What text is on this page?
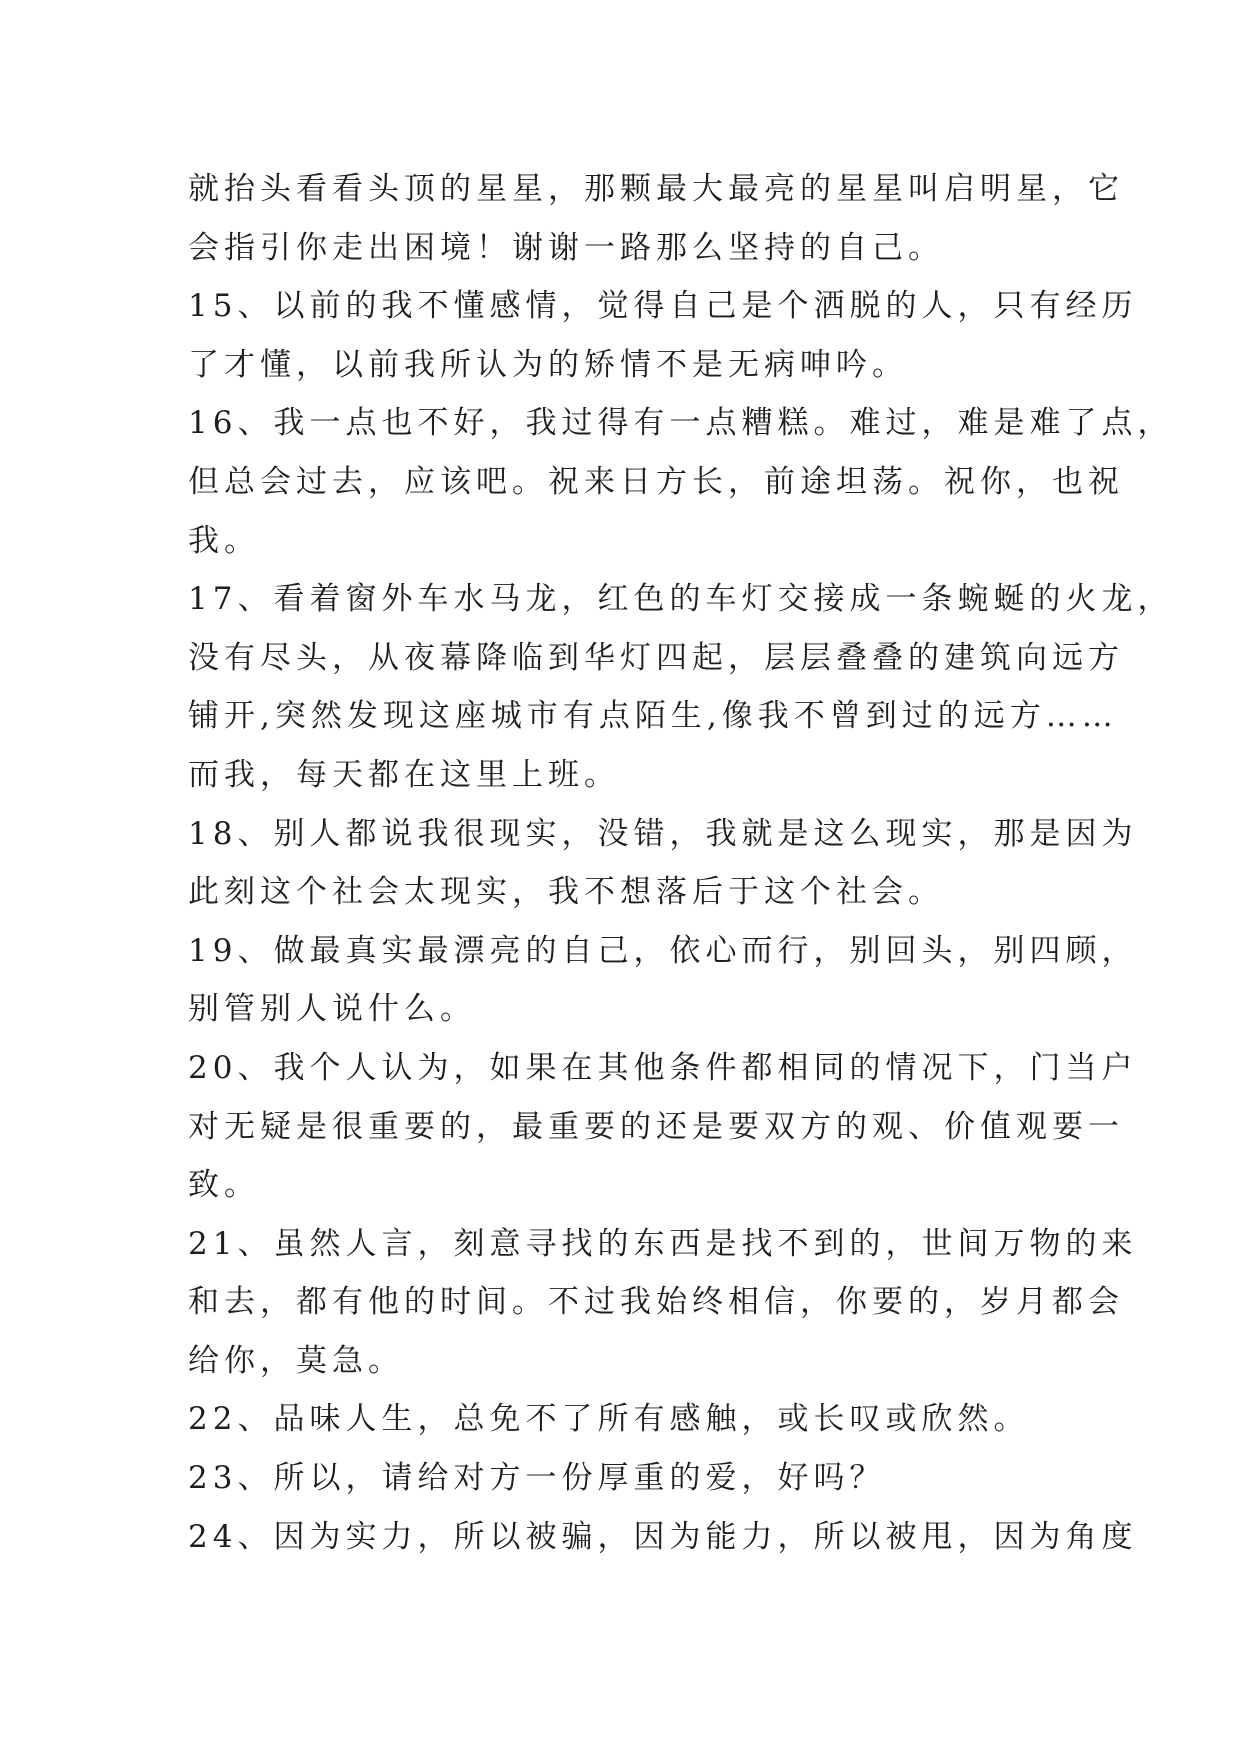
就抬头看看头顶的星星，那颗最大最亮的星星叫启明星，它
会指引你走出困境！谢谢一路那么坚持的自己。
15、以前的我不懂感情，觉得自己是个洒脱的人，只有经历
了才懂，以前我所认为的矫情不是无病呻吟。
16、我一点也不好，我过得有一点糟糕。难过，难是难了点，
但总会过去，应该吧。祝来日方长，前途坦荡。祝你，也祝
我。
17、看着窗外车水马龙，红色的车灯交接成一条蜿蜒的火龙，
没有尽头，从夜幕降临到华灯四起，层层叠叠的建筑向远方
铺开,突然发现这座城市有点陌生,像我不曾到过的远方……
而我，每天都在这里上班。
18、别人都说我很现实，没错，我就是这么现实，那是因为
此刻这个社会太现实，我不想落后于这个社会。
19、做最真实最漂亮的自己，依心而行，别回头，别四顾，
别管别人说什么。
20、我个人认为，如果在其他条件都相同的情况下，门当户
对无疑是很重要的，最重要的还是要双方的观、价值观要一
致。
21、虽然人言，刻意寻找的东西是找不到的，世间万物的来
和去，都有他的时间。不过我始终相信，你要的，岁月都会
给你，莫急。
22、品味人生，总免不了所有感触，或长叹或欣然。
23、所以，请给对方一份厚重的爱，好吗？
24、因为实力，所以被骗，因为能力，所以被甩，因为角度
